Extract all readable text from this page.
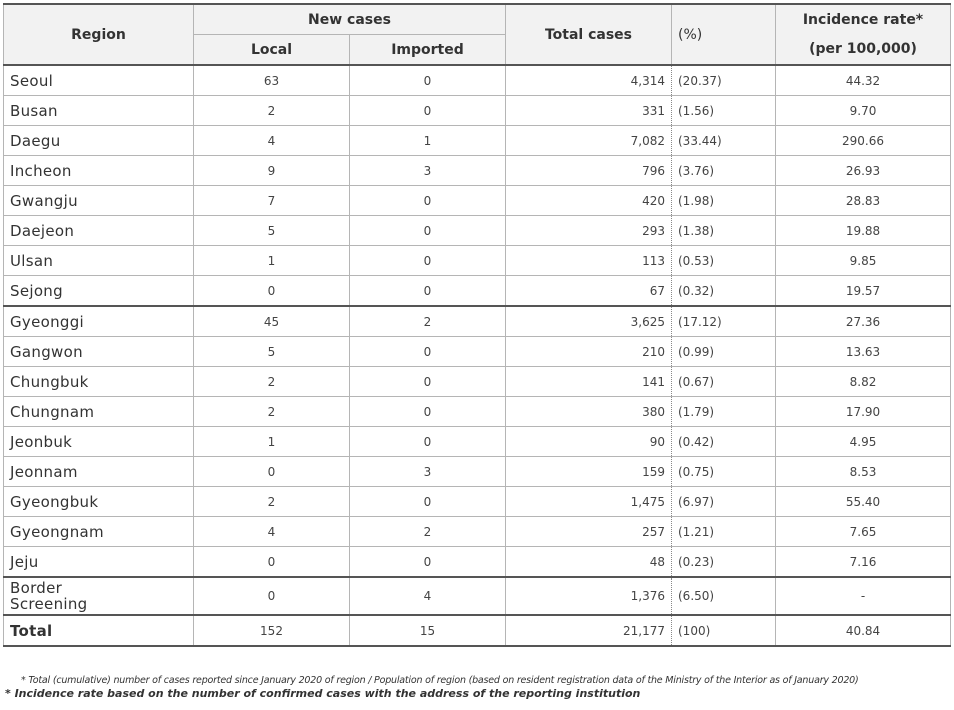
Region	New cases		Total cases	(%)	Incidence rate*
(per 100,000)

	Local	Imported			
Seoul	63	0	4,314	(20.37)	44.32
Busan	2	0	331	(1.56)	9.70
Daegu	4	1	7,082	(33.44)	290.66
Incheon	9	3	796	(3.76)	26.93
Gwangju	7	0	420	(1.98)	28.83
Daejeon	5	0	293	(1.38)	19.88
Ulsan	1	0	113	(0.53)	9.85
Sejong	0	0	67	(0.32)	19.57
Gyeonggi	45	2	3,625	(17.12)	27.36
Gangwon	5	0	210	(0.99)	13.63
Chungbuk	2	0	141	(0.67)	8.82
Chungnam	2	0	380	(1.79)	17.90
Jeonbuk	1	0	90	(0.42)	4.95
Jeonnam	0	3	159	(0.75)	8.53
Gyeongbuk	2	0	1,475	(6.97)	55.40
Gyeongnam	4	2	257	(1.21)	7.65
Jeju	0	0	48	(0.23)	7.16
Border
Screening	0	4	1,376	(6.50)	-
Total	152	15	21,177	(100)	40.84
* Total (cumulative) number of cases reported since January 2020 of region / Population of region (based on resident registration data of the Ministry of the Interior as of January 2020)
* Incidence rate based on the number of confirmed cases with the address of the reporting institution
